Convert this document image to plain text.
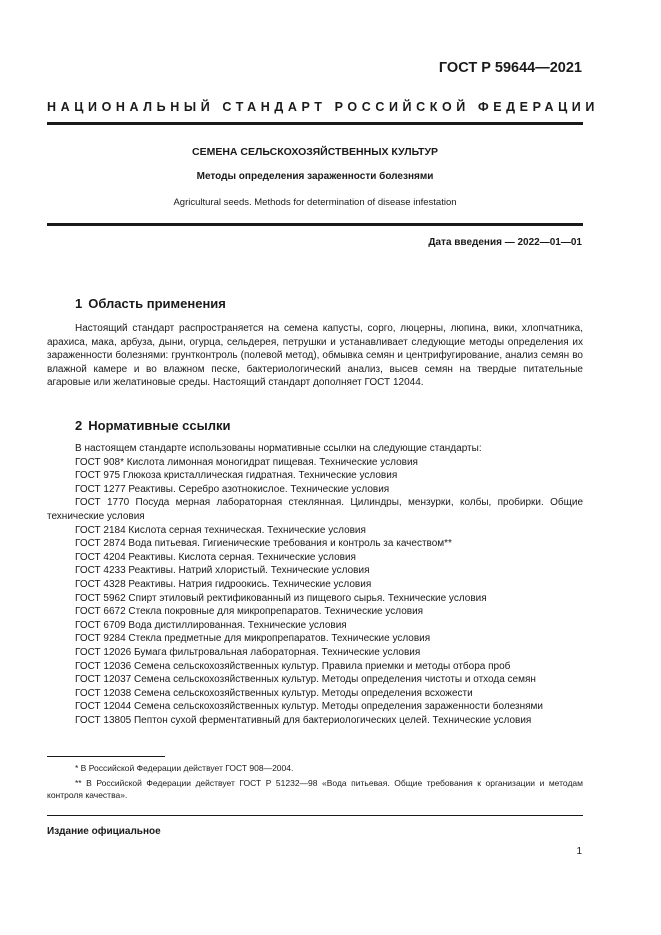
ГОСТ Р 59644—2021
НАЦИОНАЛЬНЫЙ СТАНДАРТ РОССИЙСКОЙ ФЕДЕРАЦИИ
СЕМЕНА СЕЛЬСКОХОЗЯЙСТВЕННЫХ КУЛЬТУР
Методы определения зараженности болезнями
Agricultural seeds. Methods for determination of disease infestation
Дата введения — 2022—01—01
1 Область применения

Настоящий стандарт распространяется на семена капусты, сорго, люцерны, люпина, вики, хлопчатника, арахиса, мака, арбуза, дыни, огурца, сельдерея, петрушки и устанавливает следующие методы определения их зараженности болезнями: грунтконтроль (полевой метод), обмывка семян и центрифугирование, анализ семян во влажной камере и во влажном песке, бактериологический анализ, высев семян на твердые питательные агаровые или желатиновые среды. Настоящий стандарт дополняет ГОСТ 12044.

2 Нормативные ссылки

В настоящем стандарте использованы нормативные ссылки на следующие стандарты:

ГОСТ 908* Кислота лимонная моногидрат пищевая. Технические условия

ГОСТ 975 Глюкоза кристаллическая гидратная. Технические условия

ГОСТ 1277 Реактивы. Серебро азотнокислое. Технические условия

ГОСТ 1770 Посуда мерная лабораторная стеклянная. Цилиндры, мензурки, колбы, пробирки. Общие технические условия

ГОСТ 2184 Кислота серная техническая. Технические условия

ГОСТ 2874 Вода питьевая. Гигиенические требования и контроль за качеством**

ГОСТ 4204 Реактивы. Кислота серная. Технические условия

ГОСТ 4233 Реактивы. Натрий хлористый. Технические условия

ГОСТ 4328 Реактивы. Натрия гидроокись. Технические условия

ГОСТ 5962 Спирт этиловый ректификованный из пищевого сырья. Технические условия

ГОСТ 6672 Стекла покровные для микропрепаратов. Технические условия

ГОСТ 6709 Вода дистиллированная. Технические условия

ГОСТ 9284 Стекла предметные для микропрепаратов. Технические условия

ГОСТ 12026 Бумага фильтровальная лабораторная. Технические условия

ГОСТ 12036 Семена сельскохозяйственных культур. Правила приемки и методы отбора проб

ГОСТ 12037 Семена сельскохозяйственных культур. Методы определения чистоты и отхода семян

ГОСТ 12038 Семена сельскохозяйственных культур. Методы определения всхожести

ГОСТ 12044 Семена сельскохозяйственных культур. Методы определения зараженности болезнями

ГОСТ 13805 Пептон сухой ферментативный для бактериологических целей. Технические условия

* В Российской Федерации действует ГОСТ 908—2004.

** В Российской Федерации действует ГОСТ Р 51232—98 «Вода питьевая. Общие требования к организации и методам контроля качества».

Издание официальное
1
